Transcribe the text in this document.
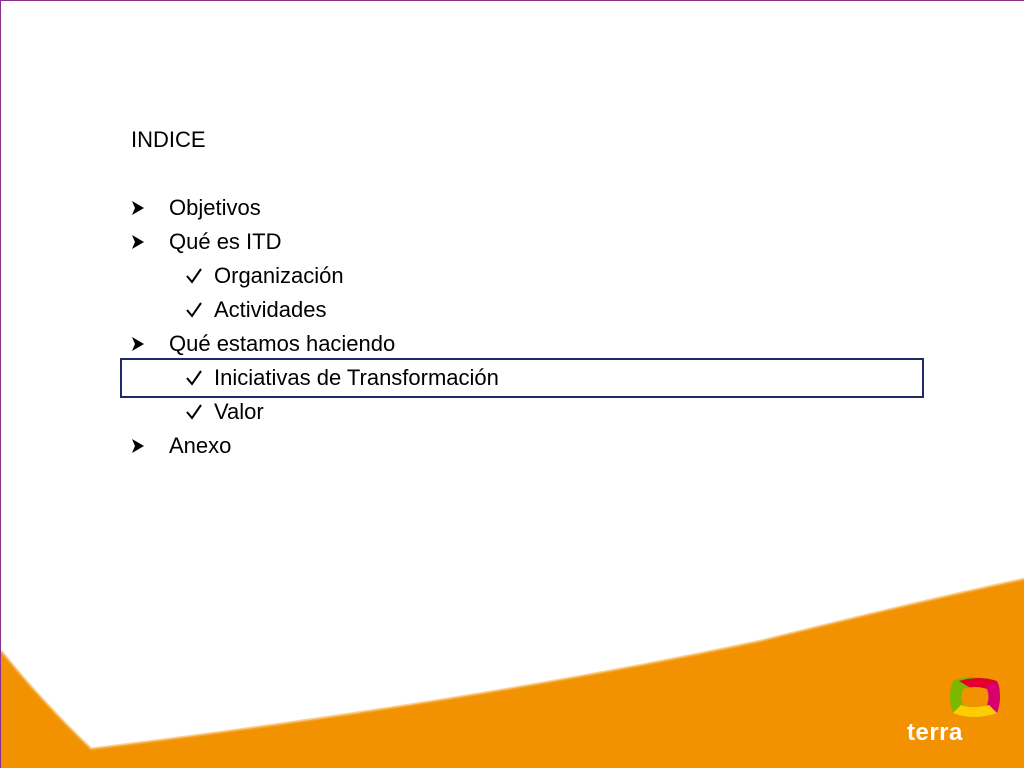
INDICE
Objetivos
Qué es ITD
Organización
Actividades
Qué estamos haciendo
Iniciativas de Transformación
Valor
Anexo
terra
